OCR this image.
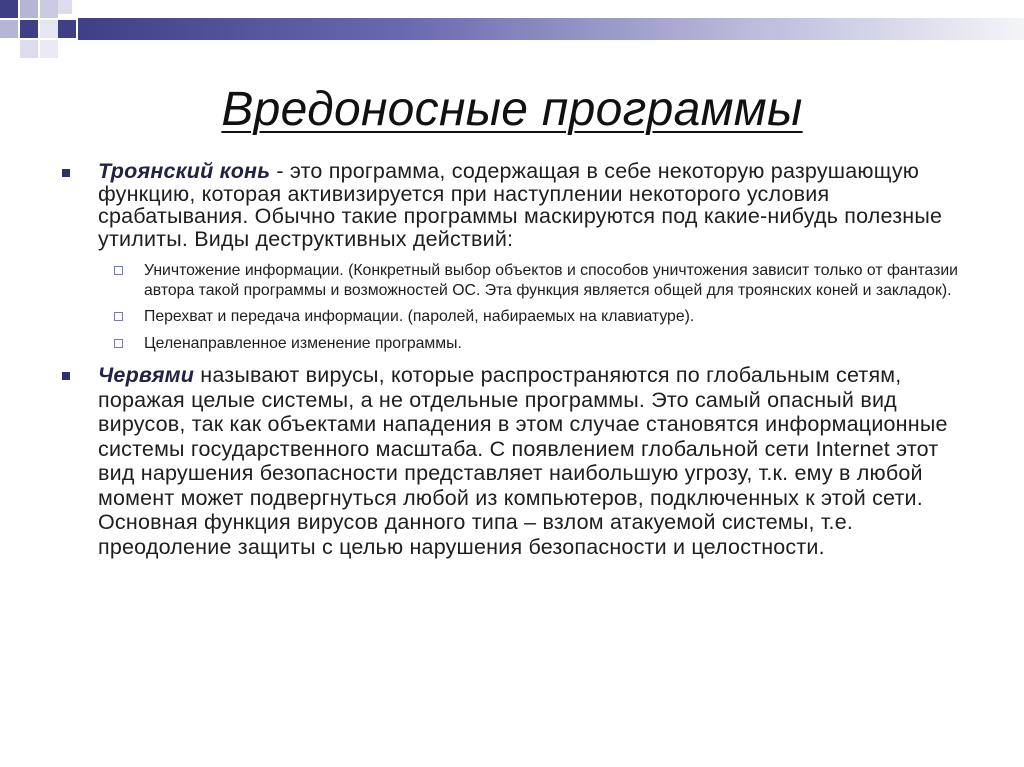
Вредоносные программы
Троянский конь - это программа, содержащая в себе некоторую разрушающую функцию, которая активизируется при наступлении некоторого условия срабатывания. Обычно такие программы маскируются под какие-нибудь полезные утилиты. Виды деструктивных действий:
Уничтожение информации. (Конкретный выбор объектов и способов уничтожения зависит только от фантазии автора такой программы и возможностей ОС. Эта функция является общей для троянских коней и закладок).
Перехват и передача информации. (паролей, набираемых на клавиатуре).
Целенаправленное изменение программы.
Червями называют вирусы, которые распространяются по глобальным сетям, поражая целые системы, а не отдельные программы. Это самый опасный вид вирусов, так как объектами нападения в этом случае становятся информационные системы государственного масштаба. С появлением глобальной сети Internet этот вид нарушения безопасности представляет наибольшую угрозу, т.к. ему в любой момент может подвергнуться любой из компьютеров, подключенных к этой сети. Основная функция вирусов данного типа – взлом атакуемой системы, т.е. преодоление защиты с целью нарушения безопасности и целостности.
